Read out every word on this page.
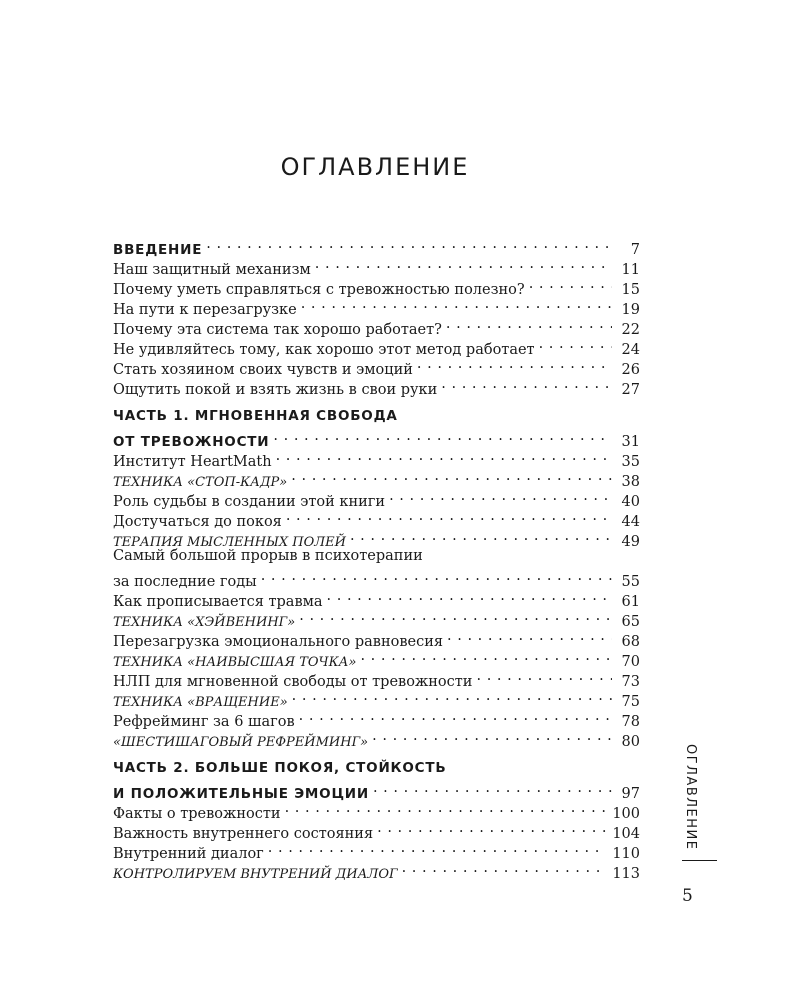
ОГЛАВЛЕНИЕ
ВВЕДЕНИЕ . . .	7
Наш защитный механизм . . .	11
Почему уметь справляться с тревожностью полезно? . . .	15
На пути к перезагрузке . . .	19
Почему эта система так хорошо работает? . . .	22
Не удивляйтесь тому, как хорошо этот метод работает . . .	24
Стать хозяином своих чувств и эмоций . . .	26
Ощутить покой и взять жизнь в свои руки . . .	27
ЧАСТЬ 1. МГНОВЕННАЯ СВОБОДА
ОТ ТРЕВОЖНОСТИ . . .	31
Институт HeartMath . . .	35
ТЕХНИКА «СТОП-КАДР» . . .	38
Роль судьбы в создании этой книги . . .	40
Достучаться до покоя . . .	44
ТЕРАПИЯ МЫСЛЕННЫХ ПОЛЕЙ . . .	49
Самый большой прорыв в психотерапии
за последние годы . . .	55
Как прописывается травма . . .	61
ТЕХНИКА «ХЭЙВЕНИНГ» . . .	65
Перезагрузка эмоционального равновесия . . .	68
ТЕХНИКА «НАИВЫСШАЯ ТОЧКА» . . .	70
НЛП для мгновенной свободы от тревожности . . .	73
ТЕХНИКА «ВРАЩЕНИЕ» . . .	75
Рефрейминг за 6 шагов . . .	78
«ШЕСТИШАГОВЫЙ РЕФРЕЙМИНГ» . . .	80
ЧАСТЬ 2. БОЛЬШЕ ПОКОЯ, СТОЙКОСТЬ
И ПОЛОЖИТЕЛЬНЫЕ ЭМОЦИИ . . .	97
Факты о тревожности . . .	100
Важность внутреннего состояния . . .	104
Внутренний диалог . . .	110
КОНТРОЛИРУЕМ ВНУТРЕНИЙ ДИАЛОГ . . .	113
ОГЛАВЛЕНИЕ
5
